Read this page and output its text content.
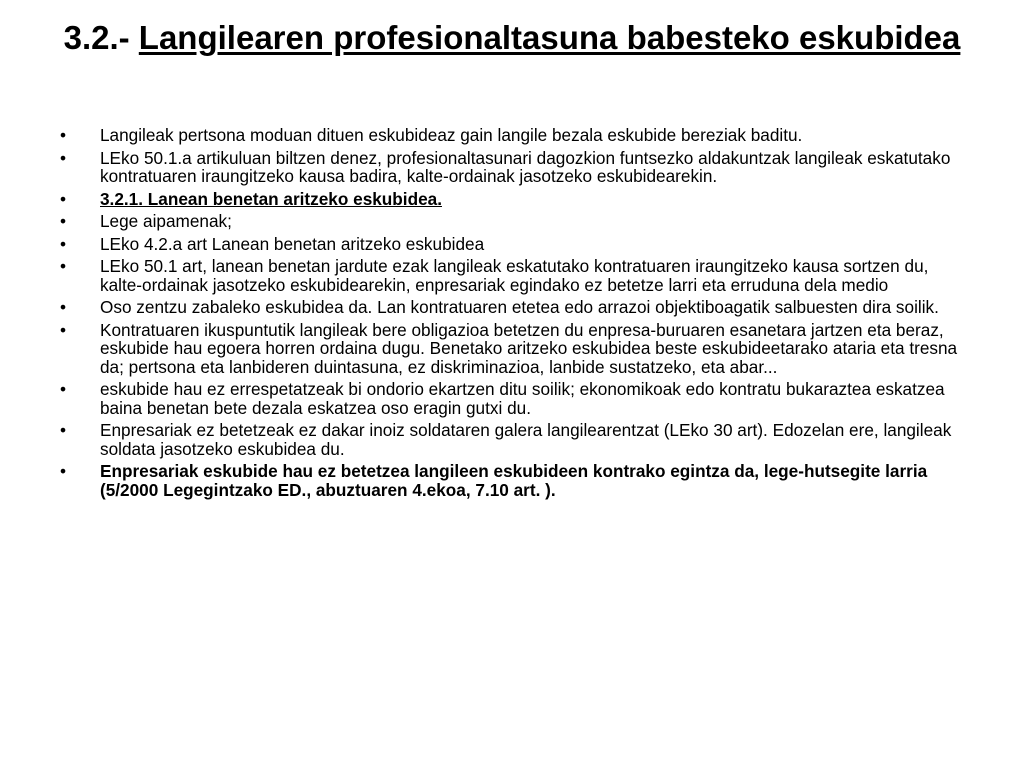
3.2.- Langilearen profesionaltasuna babesteko eskubidea
• Langileak pertsona moduan dituen eskubideaz gain langile bezala eskubide bereziak baditu.
• LEko 50.1.a artikuluan biltzen denez, profesionaltasunari dagozkion funtsezko aldakuntzak langileak eskatutako kontratuaren iraungitzeko kausa badira, kalte-ordainak jasotzeko eskubidearekin.
• 3.2.1. Lanean benetan aritzeko eskubidea.
• Lege aipamenak;
• LEko 4.2.a art Lanean benetan aritzeko eskubidea
• LEko 50.1 art, lanean benetan jardute ezak langileak eskatutako kontratuaren iraungitzeko kausa sortzen du, kalte-ordainak jasotzeko eskubidearekin, enpresariak egindako ez betetze larri eta erruduna dela medio
• Oso zentzu zabaleko eskubidea da. Lan kontratuaren etetea edo arrazoi objektiboagatik salbuesten dira soilik.
• Kontratuaren ikuspuntutik langileak bere obligazioa betetzen du enpresa-buruaren esanetara jartzen eta beraz, eskubide hau egoera horren ordaina dugu. Benetako aritzeko eskubidea beste eskubideetarako ataria eta tresna da; pertsona eta lanbideren duintasuna, ez diskriminazioa, lanbide sustatzeko, eta abar...
• eskubide hau ez errespetatzeak bi ondorio ekartzen ditu soilik; ekonomikoak edo kontratu bukaraztea eskatzea baina benetan bete dezala eskatzea oso eragin gutxi du.
• Enpresariak ez betetzeak ez dakar inoiz soldataren galera langilearentzat (LEko 30 art). Edozelan ere, langileak soldata jasotzeko eskubidea du.
• Enpresariak eskubide hau ez betetzea langileen eskubideen kontrako egintza da, lege-hutsegite larria (5/2000 Legegintzako ED., abuztuaren 4.ekoa, 7.10 art. ).
